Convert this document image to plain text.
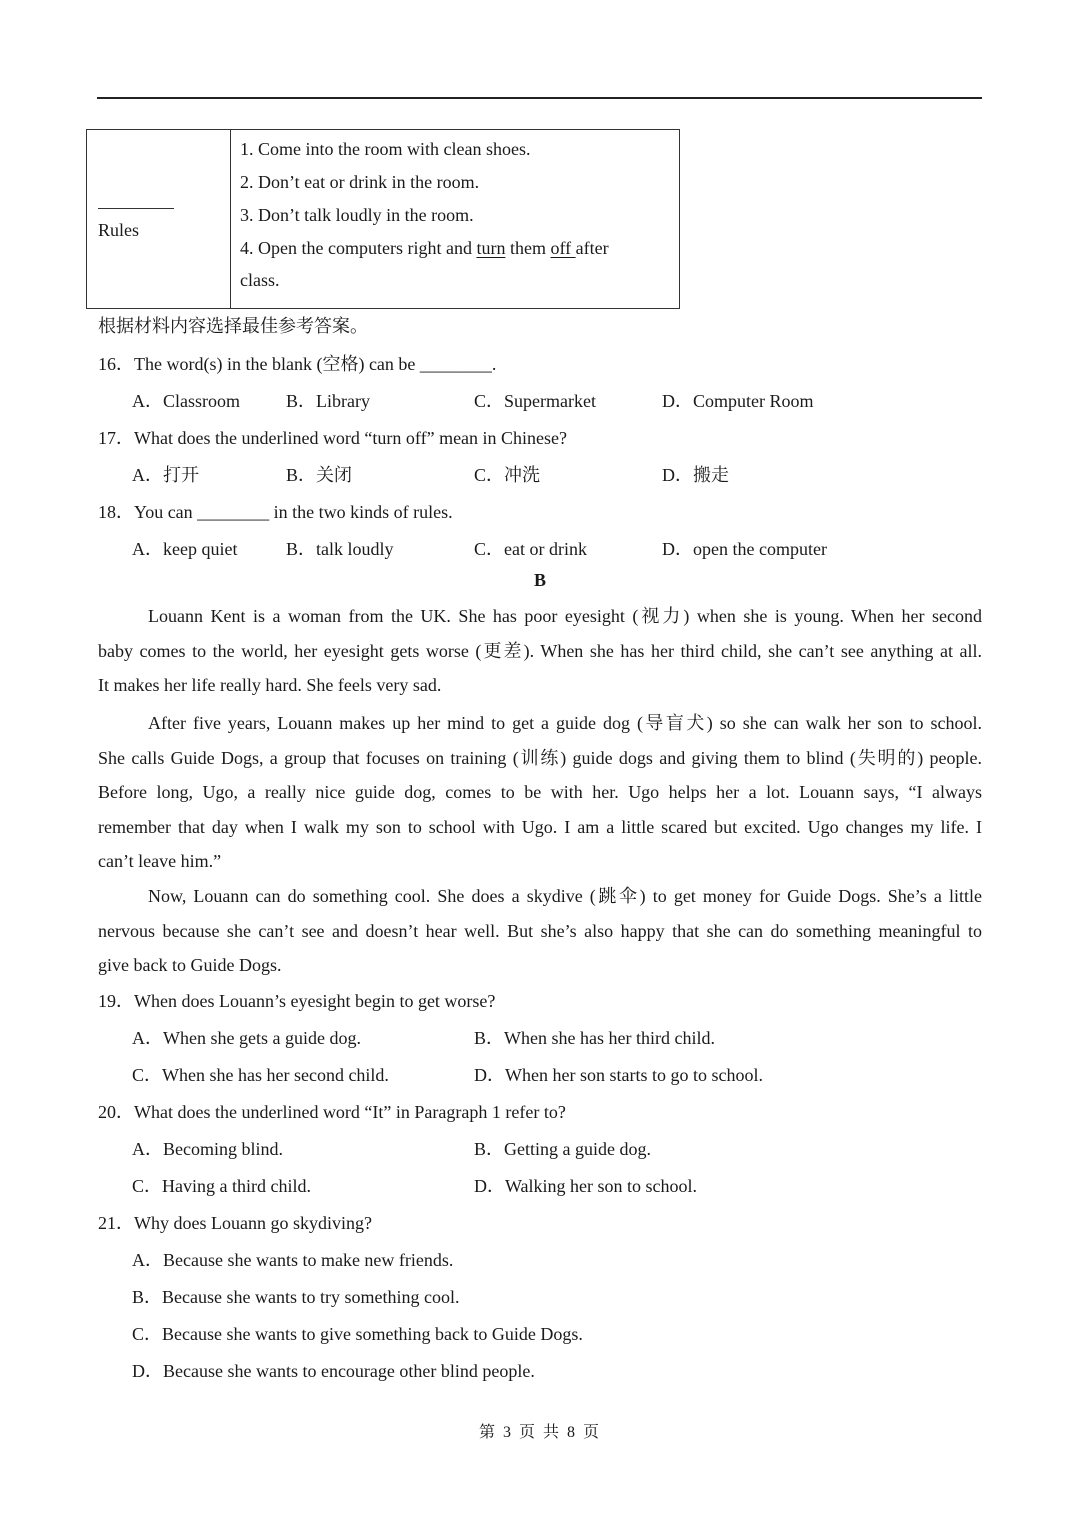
Rules
1. Come into the room with clean shoes.
2. Don’t eat or drink in the room.
3. Don’t talk loudly in the room.
4. Open the computers right and turn them off after
class.
根据材料内容选择最佳参考答案。
16．The word(s) in the blank (空格) can be ________.
A．Classroom	B．Library	C．Supermarket	D．Computer Room
17．What does the underlined word “turn off” mean in Chinese?
A．打开	B．关闭	C．冲洗	D．搬走
18．You can ________ in the two kinds of rules.
A．keep quiet	B．talk loudly	C．eat or drink	D．open the computer
B
Louann Kent is a woman from the UK. She has poor eyesight (视力) when she is young. When her second
baby comes to the world, her eyesight gets worse (更差). When she has her third child, she can’t see anything at all.
It makes her life really hard. She feels very sad.
After five years, Louann makes up her mind to get a guide dog (导盲犬) so she can walk her son to school.
She calls Guide Dogs, a group that focuses on training (训练) guide dogs and giving them to blind (失明的) people.
Before long, Ugo, a really nice guide dog, comes to be with her. Ugo helps her a lot. Louann says, “I always
remember that day when I walk my son to school with Ugo. I am a little scared but excited. Ugo changes my life. I
can’t leave him.”
Now, Louann can do something cool. She does a skydive (跳伞) to get money for Guide Dogs. She’s a little
nervous because she can’t see and doesn’t hear well. But she’s also happy that she can do something meaningful to
give back to Guide Dogs.
19．When does Louann’s eyesight begin to get worse?
A．When she gets a guide dog.	B．When she has her third child.
C．When she has her second child.	D．When her son starts to go to school.
20．What does the underlined word “It” in Paragraph 1 refer to?
A．Becoming blind.	B．Getting a guide dog.
C．Having a third child.	D．Walking her son to school.
21．Why does Louann go skydiving?
A．Because she wants to make new friends.
B．Because she wants to try something cool.
C．Because she wants to give something back to Guide Dogs.
D．Because she wants to encourage other blind people.
第 3 页 共 8 页
